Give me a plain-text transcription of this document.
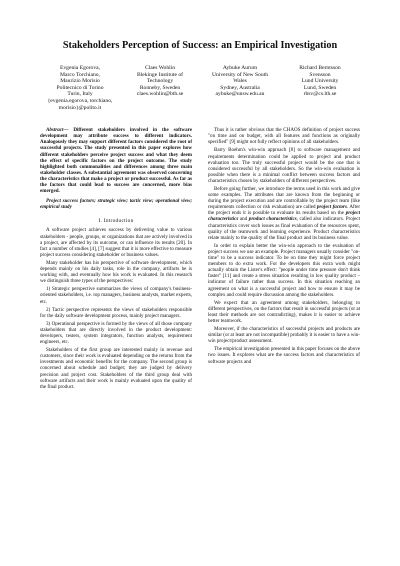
Stakeholders Perception of Success: an Empirical Investigation
Evgenia Egorova,
Marco Torchiano,
Maurizio Morisio
Politecnico di Torino
Turin, Italy
{evgenia.egorova, torchiano,
morisio}@polito.it
Claes Wohlin
Blekinge Institute of
Technology
Ronneby, Sweden
claes.wohlin@bth.se
Aybuke Aurum
University of New South
Wales
Sydney, Australia
aybuke@unsw.edu.au
Richard Berntsson
Svensson
Lund University
Lund, Sweden
rbsv@cs.lth.se

Abstract— Different stakeholders involved in the software development may attribute success to different indicators. Analogously they may support different factors considered the root of successful projects. The study presented in this paper explores how different stakeholders perceive project success and what they deem the effect of specific factors on the project outcome. The study highlighted both commonalities and differences among three main stakeholder classes. A substantial agreement was observed concerning the characteristics that make a project or product successful. As far as the factors that could lead to success are concerned, more bias emerged.

Project success factors; strategic view; tactic view; operational view; empirical study

I. Introduction

A software project achieves success by delivering value to various stakeholders - people, groups, or organizations that are actively involved in a project, are affected by its outcome, or can influence its results [20]. In fact a number of studies [4], [7] suggest that it is more effective to measure project success considering stakeholder or business values.

Many stakeholder has his perspective of software development, which depends mainly on his daily tasks, role in the company, artifacts he is working with, and eventually how his work is evaluated. In this research we distinguish three types of the perspectives:

1) Strategic perspective summarizes the views of company's business-oriented stakeholders, i.e. top managers, business analysts, market experts, etc.

2) Tactic perspective represents the views of stakeholders responsible for the daily software development process, mainly project managers.

3) Operational perspective is formed by the views of all those company stakeholders that are directly involved in the product development: developers, testers, system integrators, function analysts, requirement engineers, etc.

Stakeholders of the first group are interested mainly in revenue and customers, since their work is evaluated depending on the returns from the investments and economic benefits for the company. The second group is concerned about schedule and budget; they are judged by delivery precision and project cost. Stakeholders of the third group deal with software artifacts and their work is mainly evaluated upon the quality of the final product.

Thus it is rather obvious that the CHAOS definition of project success "on time and on budget, with all features and functions as originally specified" [9] might not fully reflect opinions of all stakeholders.

Barry Boehm's win-win approach [8] to software management and requirements determination could be applied to project and product evaluation too. The truly successful project would be the one that is considered successful by all stakeholders. So the win-win evaluation is possible when there is a minimal conflict between success factors and characteristics chosen by stakeholders of different perspectives.

Before going further, we introduce the terms used in this work and give some examples. The attributes that are known from the beginning or during the project execution and are controllable by the project team (like requirements collection or risk evaluation) are called project factors. After the project ends it is possible to evaluate its results based on the project characteristics and product characteristics, called also indicators. Project characteristics cover such issues as final evaluation of the resources spent, quality of the teamwork and learning experience. Product characteristics relate mainly to the quality of the final product and its business value.

In order to explain better the win-win approach to the evaluation of project success we use an example. Project managers usually consider "on-time" to be a success indicator. To be on time they might force project members to do extra work. For the developers this extra work might actually obtain the Lister's effect: "people under time pressure don't think faster" [11] and create a stress situation resulting in low quality product – indicator of failure rather than success. In this situation reaching an agreement on what is a successful project and how to ensure it may be complex and could require discussion among the stakeholders.

We expect that an agreement among stakeholders, belonging to different perspectives, on the factors that result in successful projects (or at least their methods are not contradicting), makes it is easier to achieve better teamwork.

Moreover, if the characteristics of successful projects and products are similar (or at least are not incompatible) probably it is easier to have a win-win project/product assessment.

The empirical investigation presented in this paper focuses on the above two issues. It explores what are the success factors and characteristics of software projects and
